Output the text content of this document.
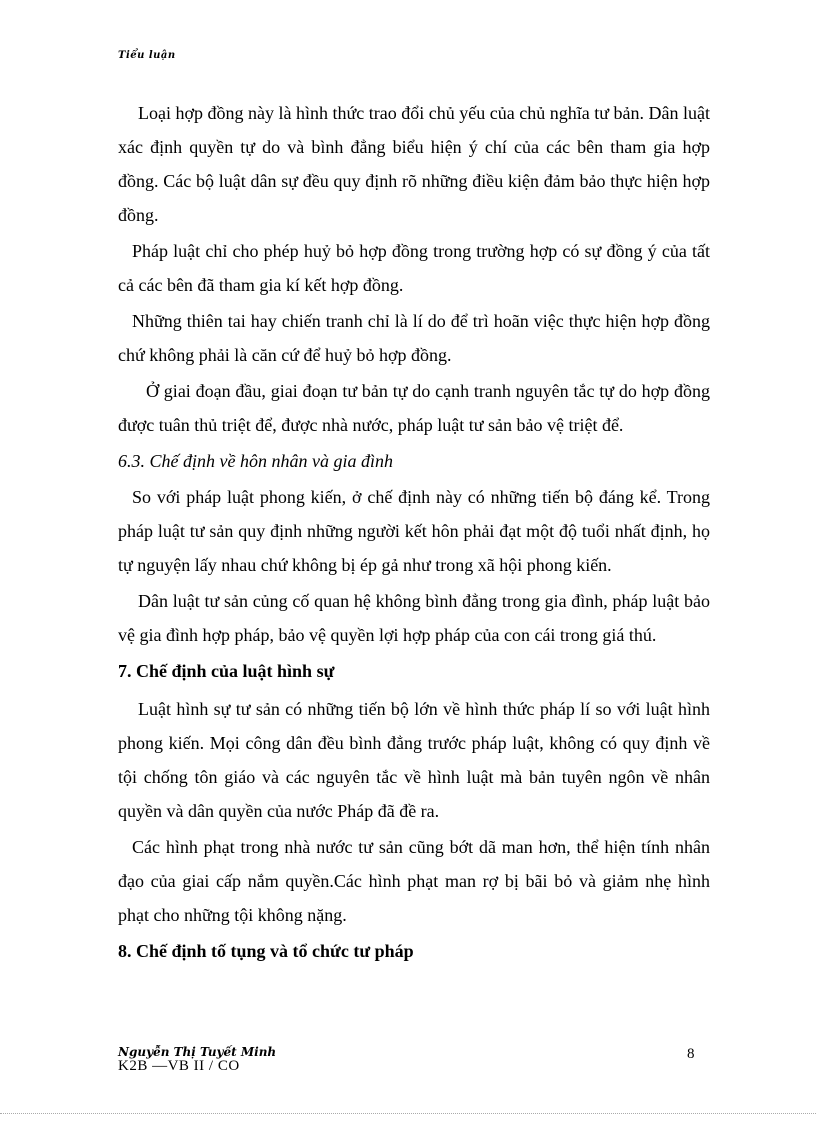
Tiểu luận

Loại hợp đồng này là hình thức trao đổi chủ yếu của chủ nghĩa tư bản. Dân luật xác định quyền tự do và bình đẳng biểu hiện ý chí của các bên tham gia hợp đồng. Các bộ luật dân sự đều quy định rõ những điều kiện đảm bảo thực hiện hợp đồng.

Pháp luật chỉ cho phép huỷ bỏ hợp đồng trong trường hợp có sự đồng ý của tất cả các bên đã tham gia kí kết hợp đồng.

Những thiên tai hay chiến tranh chỉ là lí do để trì hoãn việc thực hiện hợp đồng chứ không phải là căn cứ để huỷ bỏ hợp đồng.

Ở giai đoạn đầu, giai đoạn tư bản tự do cạnh tranh nguyên tắc tự do hợp đồng được tuân thủ triệt để, được nhà nước, pháp luật tư sản bảo vệ triệt để.

6.3. Chế định về hôn nhân và gia đình

So với pháp luật phong kiến, ở chế định này có những tiến bộ đáng kể. Trong pháp luật tư sản quy định những người kết hôn phải đạt một độ tuổi nhất định, họ tự nguyện lấy nhau chứ không bị ép gả như trong xã hội phong kiến.

Dân luật tư sản củng cố quan hệ không bình đẳng trong gia đình, pháp luật bảo vệ gia đình hợp pháp, bảo vệ quyền lợi hợp pháp của con cái trong giá thú.

7. Chế định của luật hình sự

Luật hình sự tư sản có những tiến bộ lớn về hình thức pháp lí so với luật hình phong kiến. Mọi công dân đều bình đẳng trước pháp luật, không có quy định về tội chống tôn giáo và các nguyên tắc về hình luật mà bản tuyên ngôn về nhân quyền và dân quyền của nước Pháp đã đề ra.

Các hình phạt trong nhà nước tư sản cũng bớt dã man hơn, thể hiện tính nhân đạo của giai cấp nắm quyền.Các hình phạt man rợ bị bãi bỏ và giảm nhẹ hình phạt cho những tội không nặng.

8. Chế định tố tụng và tổ chức tư pháp
Nguyễn Thị Tuyết Minh
K2B —VB II / CO
8
